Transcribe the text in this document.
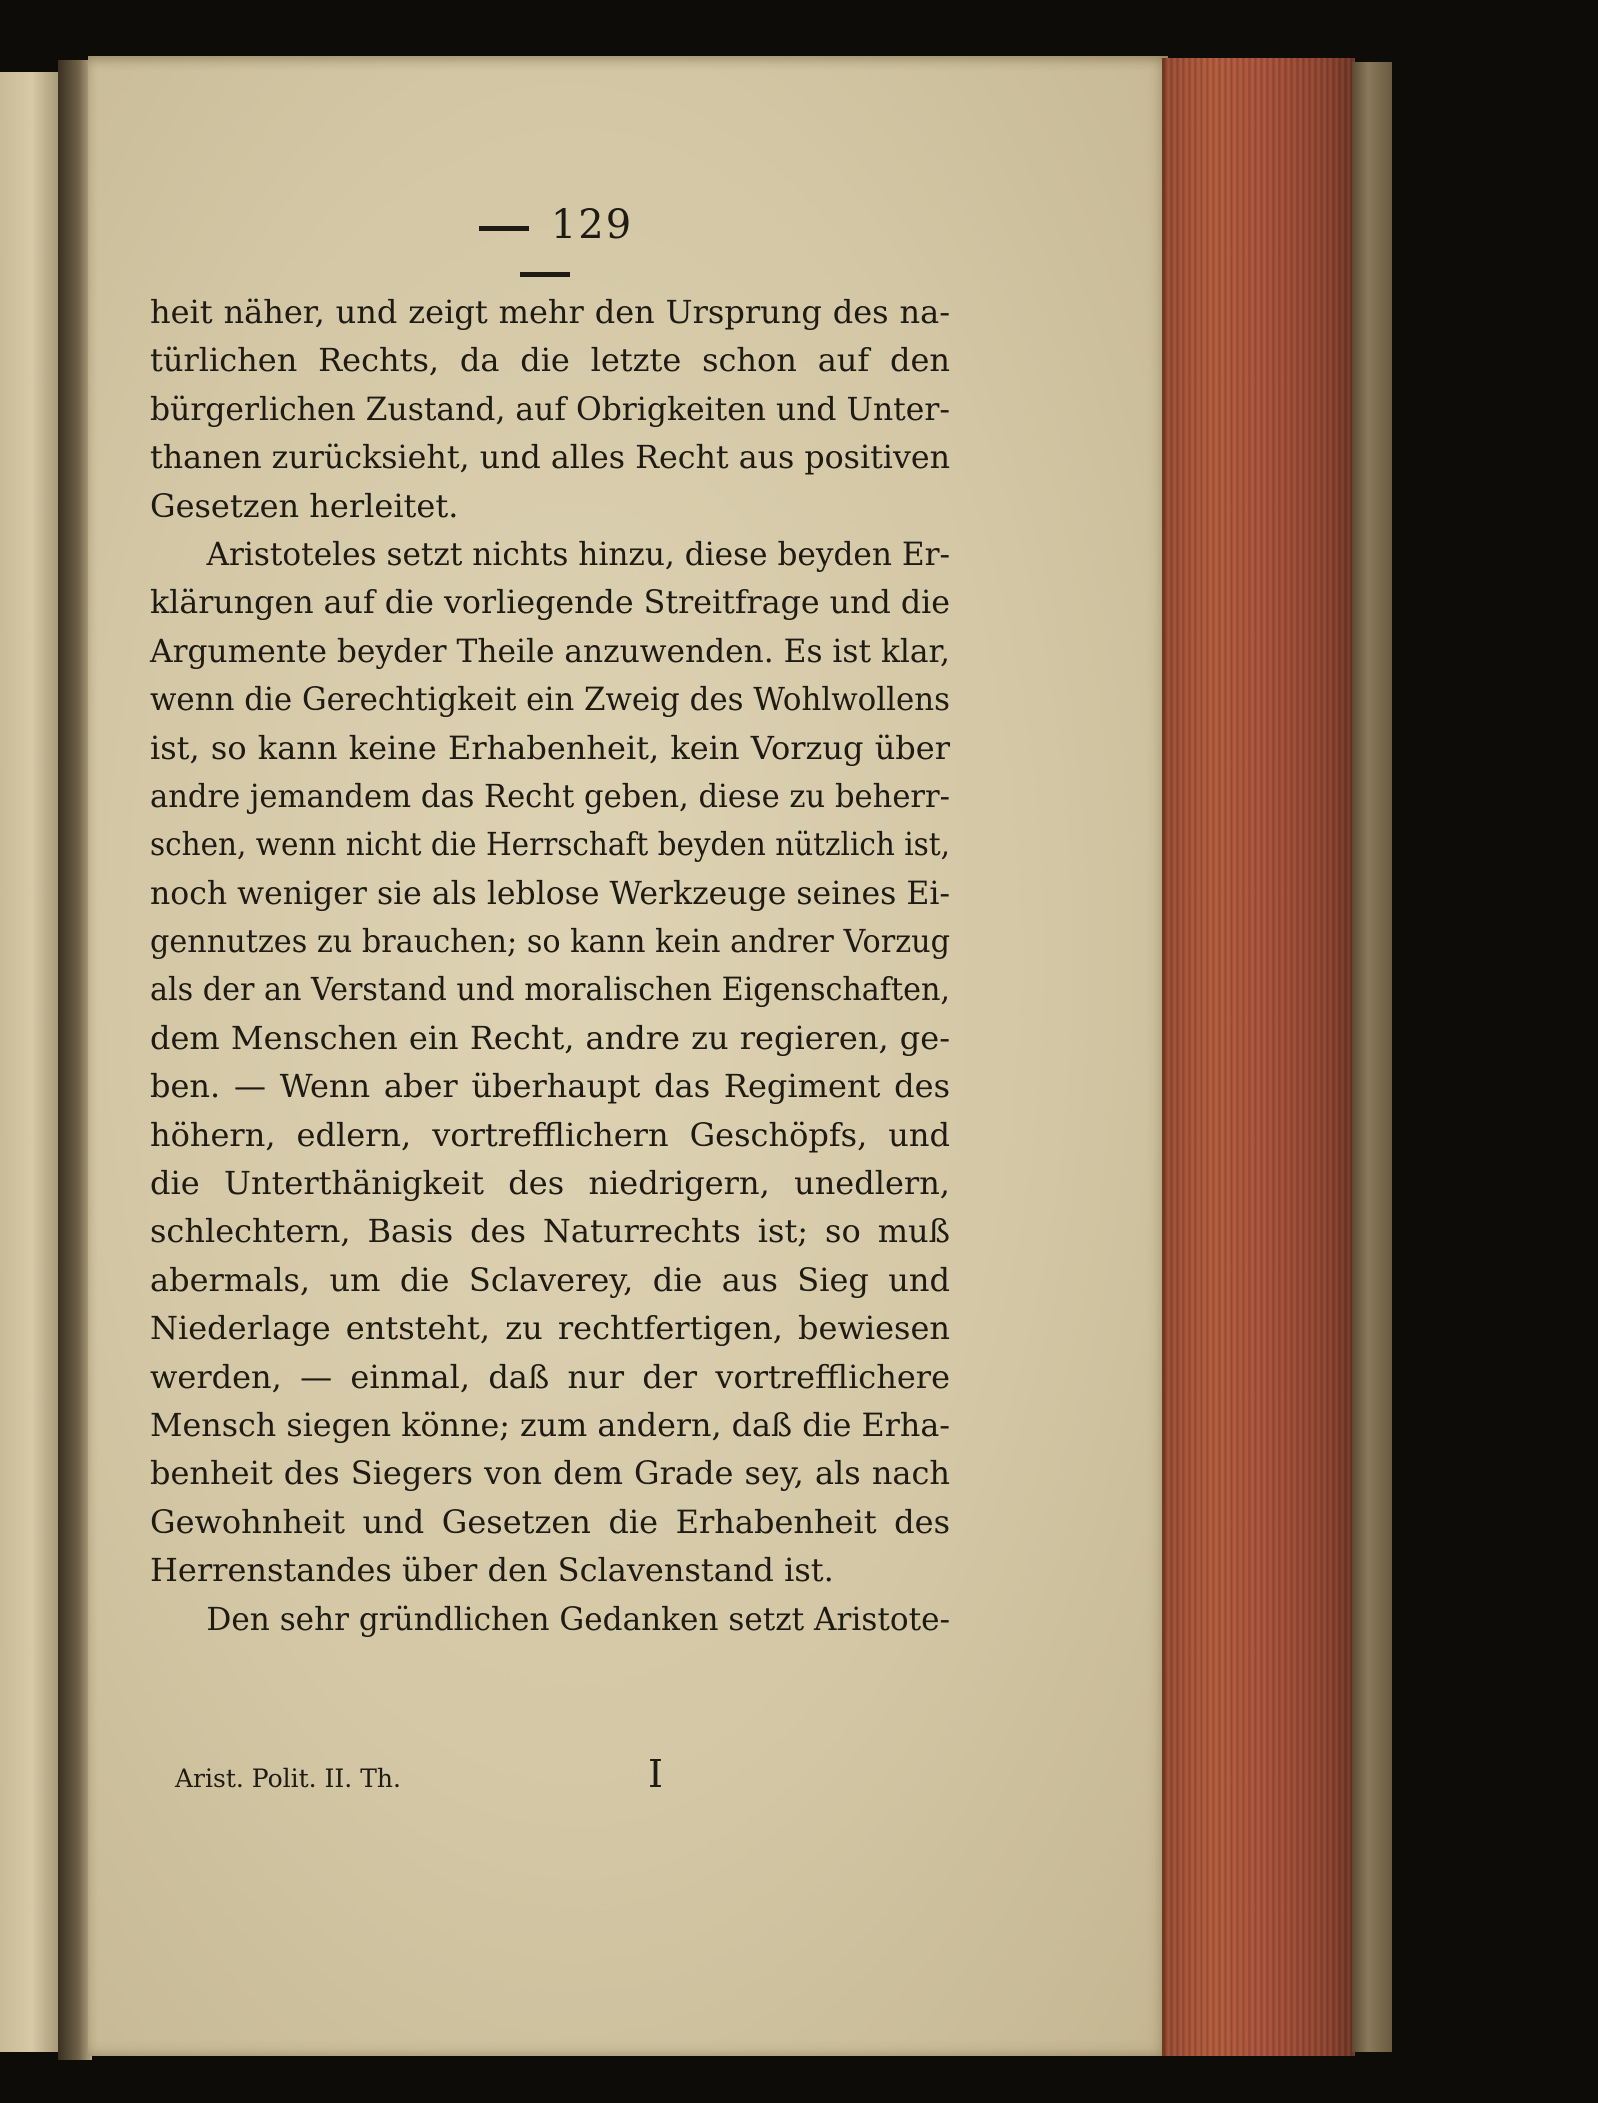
129
heit näher, und zeigt mehr den Ursprung des na-
türlichen Rechts, da die letzte schon auf den
bürgerlichen Zustand, auf Obrigkeiten und Unter-
thanen zurücksieht, und alles Recht aus positiven
Gesetzen herleitet.
Aristoteles setzt nichts hinzu, diese beyden Er-
klärungen auf die vorliegende Streitfrage und die
Argumente beyder Theile anzuwenden. Es ist klar,
wenn die Gerechtigkeit ein Zweig des Wohlwollens
ist, so kann keine Erhabenheit, kein Vorzug über
andre jemandem das Recht geben, diese zu beherr-
schen, wenn nicht die Herrschaft beyden nützlich ist,
noch weniger sie als leblose Werkzeuge seines Ei-
gennutzes zu brauchen; so kann kein andrer Vorzug
als der an Verstand und moralischen Eigenschaften,
dem Menschen ein Recht, andre zu regieren, ge-
ben. — Wenn aber überhaupt das Regiment des
höhern, edlern, vortrefflichern Geschöpfs, und
die Unterthänigkeit des niedrigern, unedlern,
schlechtern, Basis des Naturrechts ist; so muß
abermals, um die Sclaverey, die aus Sieg und
Niederlage entsteht, zu rechtfertigen, bewiesen
werden, — einmal, daß nur der vortrefflichere
Mensch siegen könne; zum andern, daß die Erha-
benheit des Siegers von dem Grade sey, als nach
Gewohnheit und Gesetzen die Erhabenheit des
Herrenstandes über den Sclavenstand ist.
Den sehr gründlichen Gedanken setzt Aristote-
Arist. Polit. II. Th.	I
